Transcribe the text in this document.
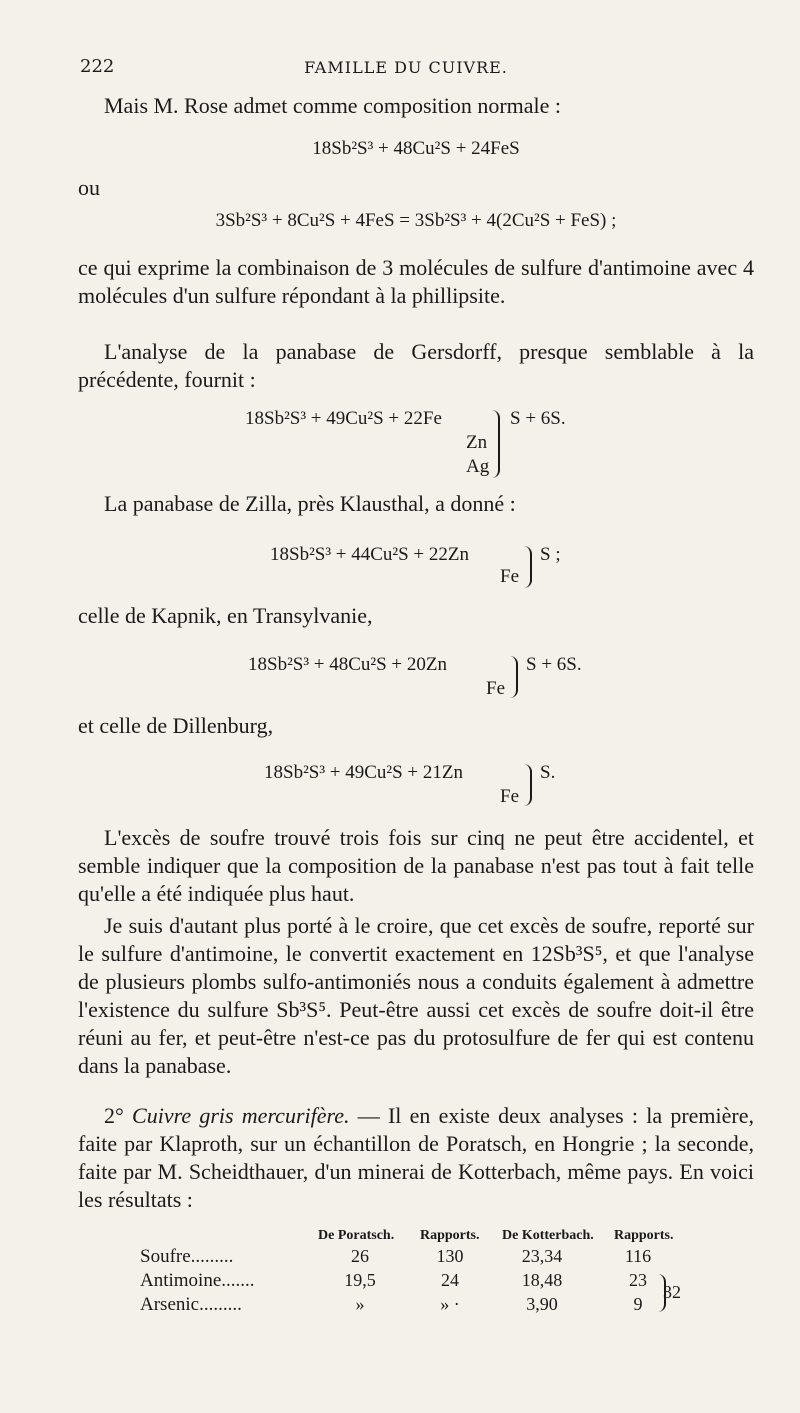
222	FAMILLE DU CUIVRE.
Mais M. Rose admet comme composition normale :
18Sb²S³ + 48Cu²S + 24FeS
ou
3Sb²S³ + 8Cu²S + 4FeS = 3Sb²S³ + 4(2Cu²S + FeS) ;
ce qui exprime la combinaison de 3 molécules de sulfure d'antimoine avec 4 molécules d'un sulfure répondant à la phillipsite.
L'analyse de la panabase de Gersdorff, presque semblable à la précédente, fournit :
18Sb²S³ + 49Cu²S + 22Fe	S + 6S.
Zn
Ag
La panabase de Zilla, près Klausthal, a donné :
18Sb²S³ + 44Cu²S + 22Zn	S ;
Fe
celle de Kapnik, en Transylvanie,
18Sb²S³ + 48Cu²S + 20Zn	S + 6S.
Fe
et celle de Dillenburg,
18Sb²S³ + 49Cu²S + 21Zn	S.
Fe
L'excès de soufre trouvé trois fois sur cinq ne peut être accidentel, et semble indiquer que la composition de la panabase n'est pas tout à fait telle qu'elle a été indiquée plus haut.
Je suis d'autant plus porté à le croire, que cet excès de soufre, reporté sur le sulfure d'antimoine, le convertit exactement en 12Sb³S⁵, et que l'analyse de plusieurs plombs sulfo-antimoniés nous a conduits également à admettre l'existence du sulfure Sb³S⁵. Peut-être aussi cet excès de soufre doit-il être réuni au fer, et peut-être n'est-ce pas du protosulfure de fer qui est contenu dans la panabase.
2° Cuivre gris mercurifère. — Il en existe deux analyses : la première, faite par Klaproth, sur un échantillon de Poratsch, en Hongrie ; la seconde, faite par M. Scheidthauer, d'un minerai de Kotterbach, même pays. En voici les résultats :
De Poratsch. Rapports. De Kotterbach. Rapports.
Soufre.........	26	130	23,34	116
Antimoine.......	19,5	24	18,48	23
Arsenic.........	»	» ·	3,90	9
32
